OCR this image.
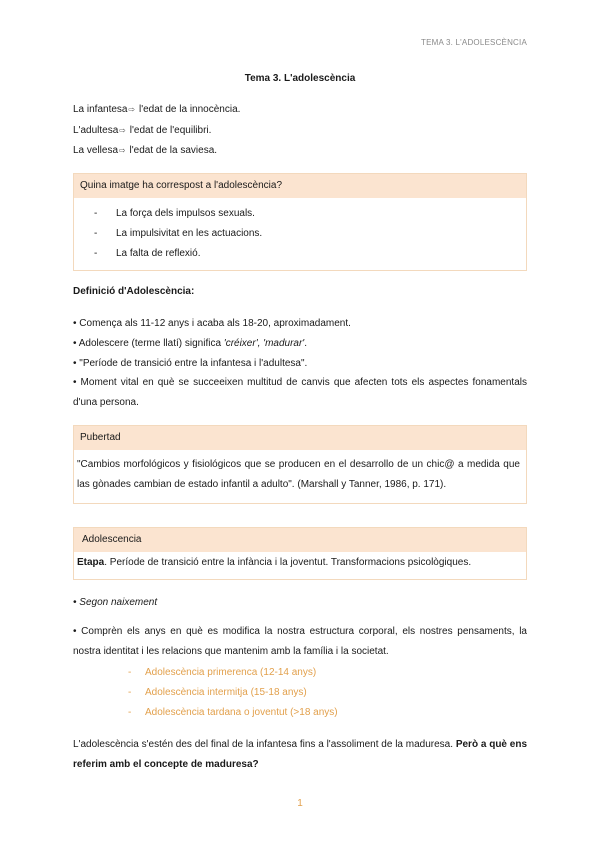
TEMA 3. L'ADOLESCÈNCIA
Tema 3. L'adolescència
La infantesa⇨ l'edat de la innocència.
L'adultesa⇨ l'edat de l'equilibri.
La vellesa⇨ l'edat de la saviesa.
Quina imatge ha correspost a l'adolescència?
- La força dels impulsos sexuals.
- La impulsivitat en les actuacions.
- La falta de reflexió.
Definició d'Adolescència:
• Comença als 11-12 anys i acaba als 18-20, aproximadament.
• Adolescere (terme llatí) significa 'créixer', 'madurar'.
• "Període de transició entre la infantesa i l'adultesa".
• Moment vital en què se succeeixen multitud de canvis que afecten tots els aspectes fonamentals d'una persona.
Pubertad
"Cambios morfológicos y fisiológicos que se producen en el desarrollo de un chic@ a medida que las gònades cambian de estado infantil a adulto". (Marshall y Tanner, 1986, p. 171).
Adolescencia
Etapa. Període de transició entre la infància i la joventut. Transformacions psicològiques.
• Segon naixement
• Comprèn els anys en què es modifica la nostra estructura corporal, els nostres pensaments, la nostra identitat i les relacions que mantenim amb la família i la societat.
- Adolescència primerenca (12-14 anys)
- Adolescència intermitja (15-18 anys)
- Adolescència tardana o joventut (>18 anys)
L'adolescència s'estén des del final de la infantesa fins a l'assoliment de la maduresa. Però a què ens referim amb el concepte de maduresa?
1
